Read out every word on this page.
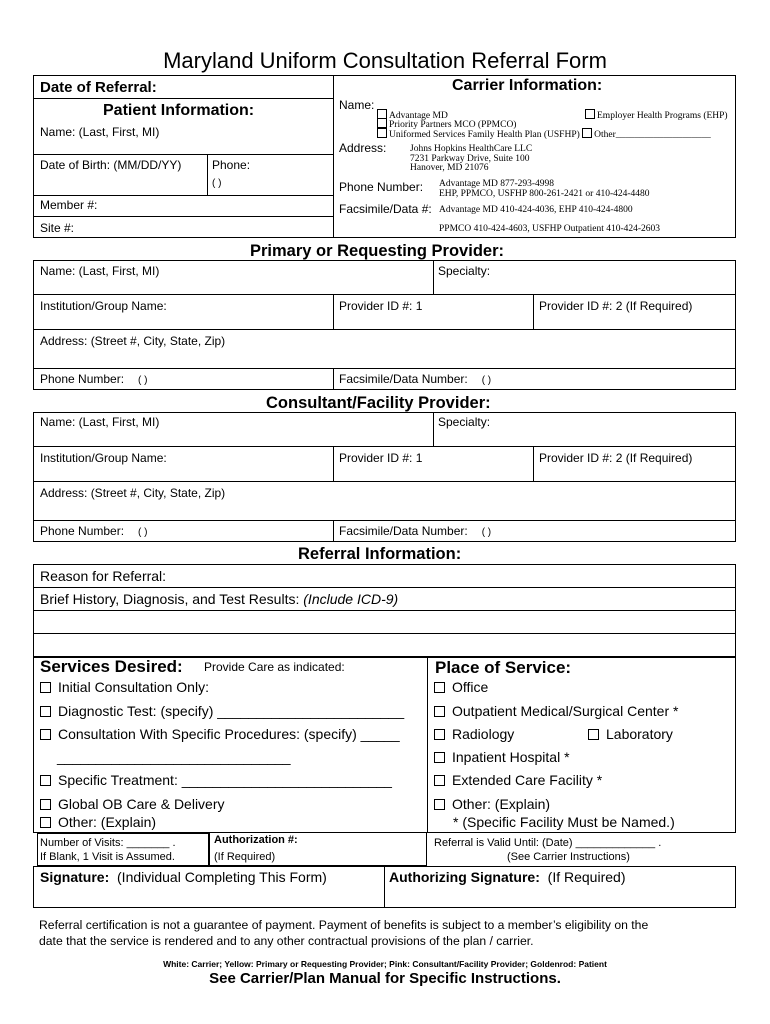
Maryland Uniform Consultation Referral Form
Date of Referral:
Patient Information:
Name: (Last, First, MI)
Date of Birth: (MM/DD/YY)	Phone:
( )
Member #:
Site #:
Carrier Information:
Name:
Advantage MD
Priority Partners MCO (PPMCO)
Uniformed Services Family Health Plan (USFHP) Other____________________
Employer Health Programs (EHP)
Address: Johns Hopkins HealthCare LLC
7231 Parkway Drive, Suite 100
Hanover, MD 21076
Phone Number: Advantage MD 877-293-4998
EHP, PPMCO, USFHP 800-261-2421 or 410-424-4480
Facsimile/Data #: Advantage MD 410-424-4036, EHP 410-424-4800
PPMCO 410-424-4603, USFHP Outpatient 410-424-2603
Primary or Requesting Provider:
Name: (Last, First, MI)	Specialty:
Institution/Group Name:	Provider ID #: 1	Provider ID #: 2 (If Required)
Address: (Street #, City, State, Zip)
Phone Number: ( )	Facsimile/Data Number: ( )
Consultant/Facility Provider:
Name: (Last, First, MI)	Specialty:
Institution/Group Name:	Provider ID #: 1	Provider ID #: 2 (If Required)
Address: (Street #, City, State, Zip)
Phone Number: ( )	Facsimile/Data Number: ( )
Referral Information:
Reason for Referral:
Brief History, Diagnosis, and Test Results: (Include ICD-9)
Services Desired: Provide Care as indicated:
Initial Consultation Only:
Diagnostic Test: (specify) ________________________
Consultation With Specific Procedures: (specify) _____
______________________________
Specific Treatment: ___________________________
Global OB Care & Delivery
Other: (Explain)
Place of Service:
Office
Outpatient Medical/Surgical Center *
Radiology	Laboratory
Inpatient Hospital *
Extended Care Facility *
Other: (Explain)
* (Specific Facility Must be Named.)
Number of Visits: _______ .
If Blank, 1 Visit is Assumed.
Authorization #:
(If Required)
Referral is Valid Until: (Date) _____________ .
(See Carrier Instructions)
Signature: (Individual Completing This Form)	Authorizing Signature: (If Required)
Referral certification is not a guarantee of payment. Payment of benefits is subject to a member’s eligibility on the
date that the service is rendered and to any other contractual provisions of the plan / carrier.
White: Carrier; Yellow: Primary or Requesting Provider; Pink: Consultant/Facility Provider; Goldenrod: Patient
See Carrier/Plan Manual for Specific Instructions.
